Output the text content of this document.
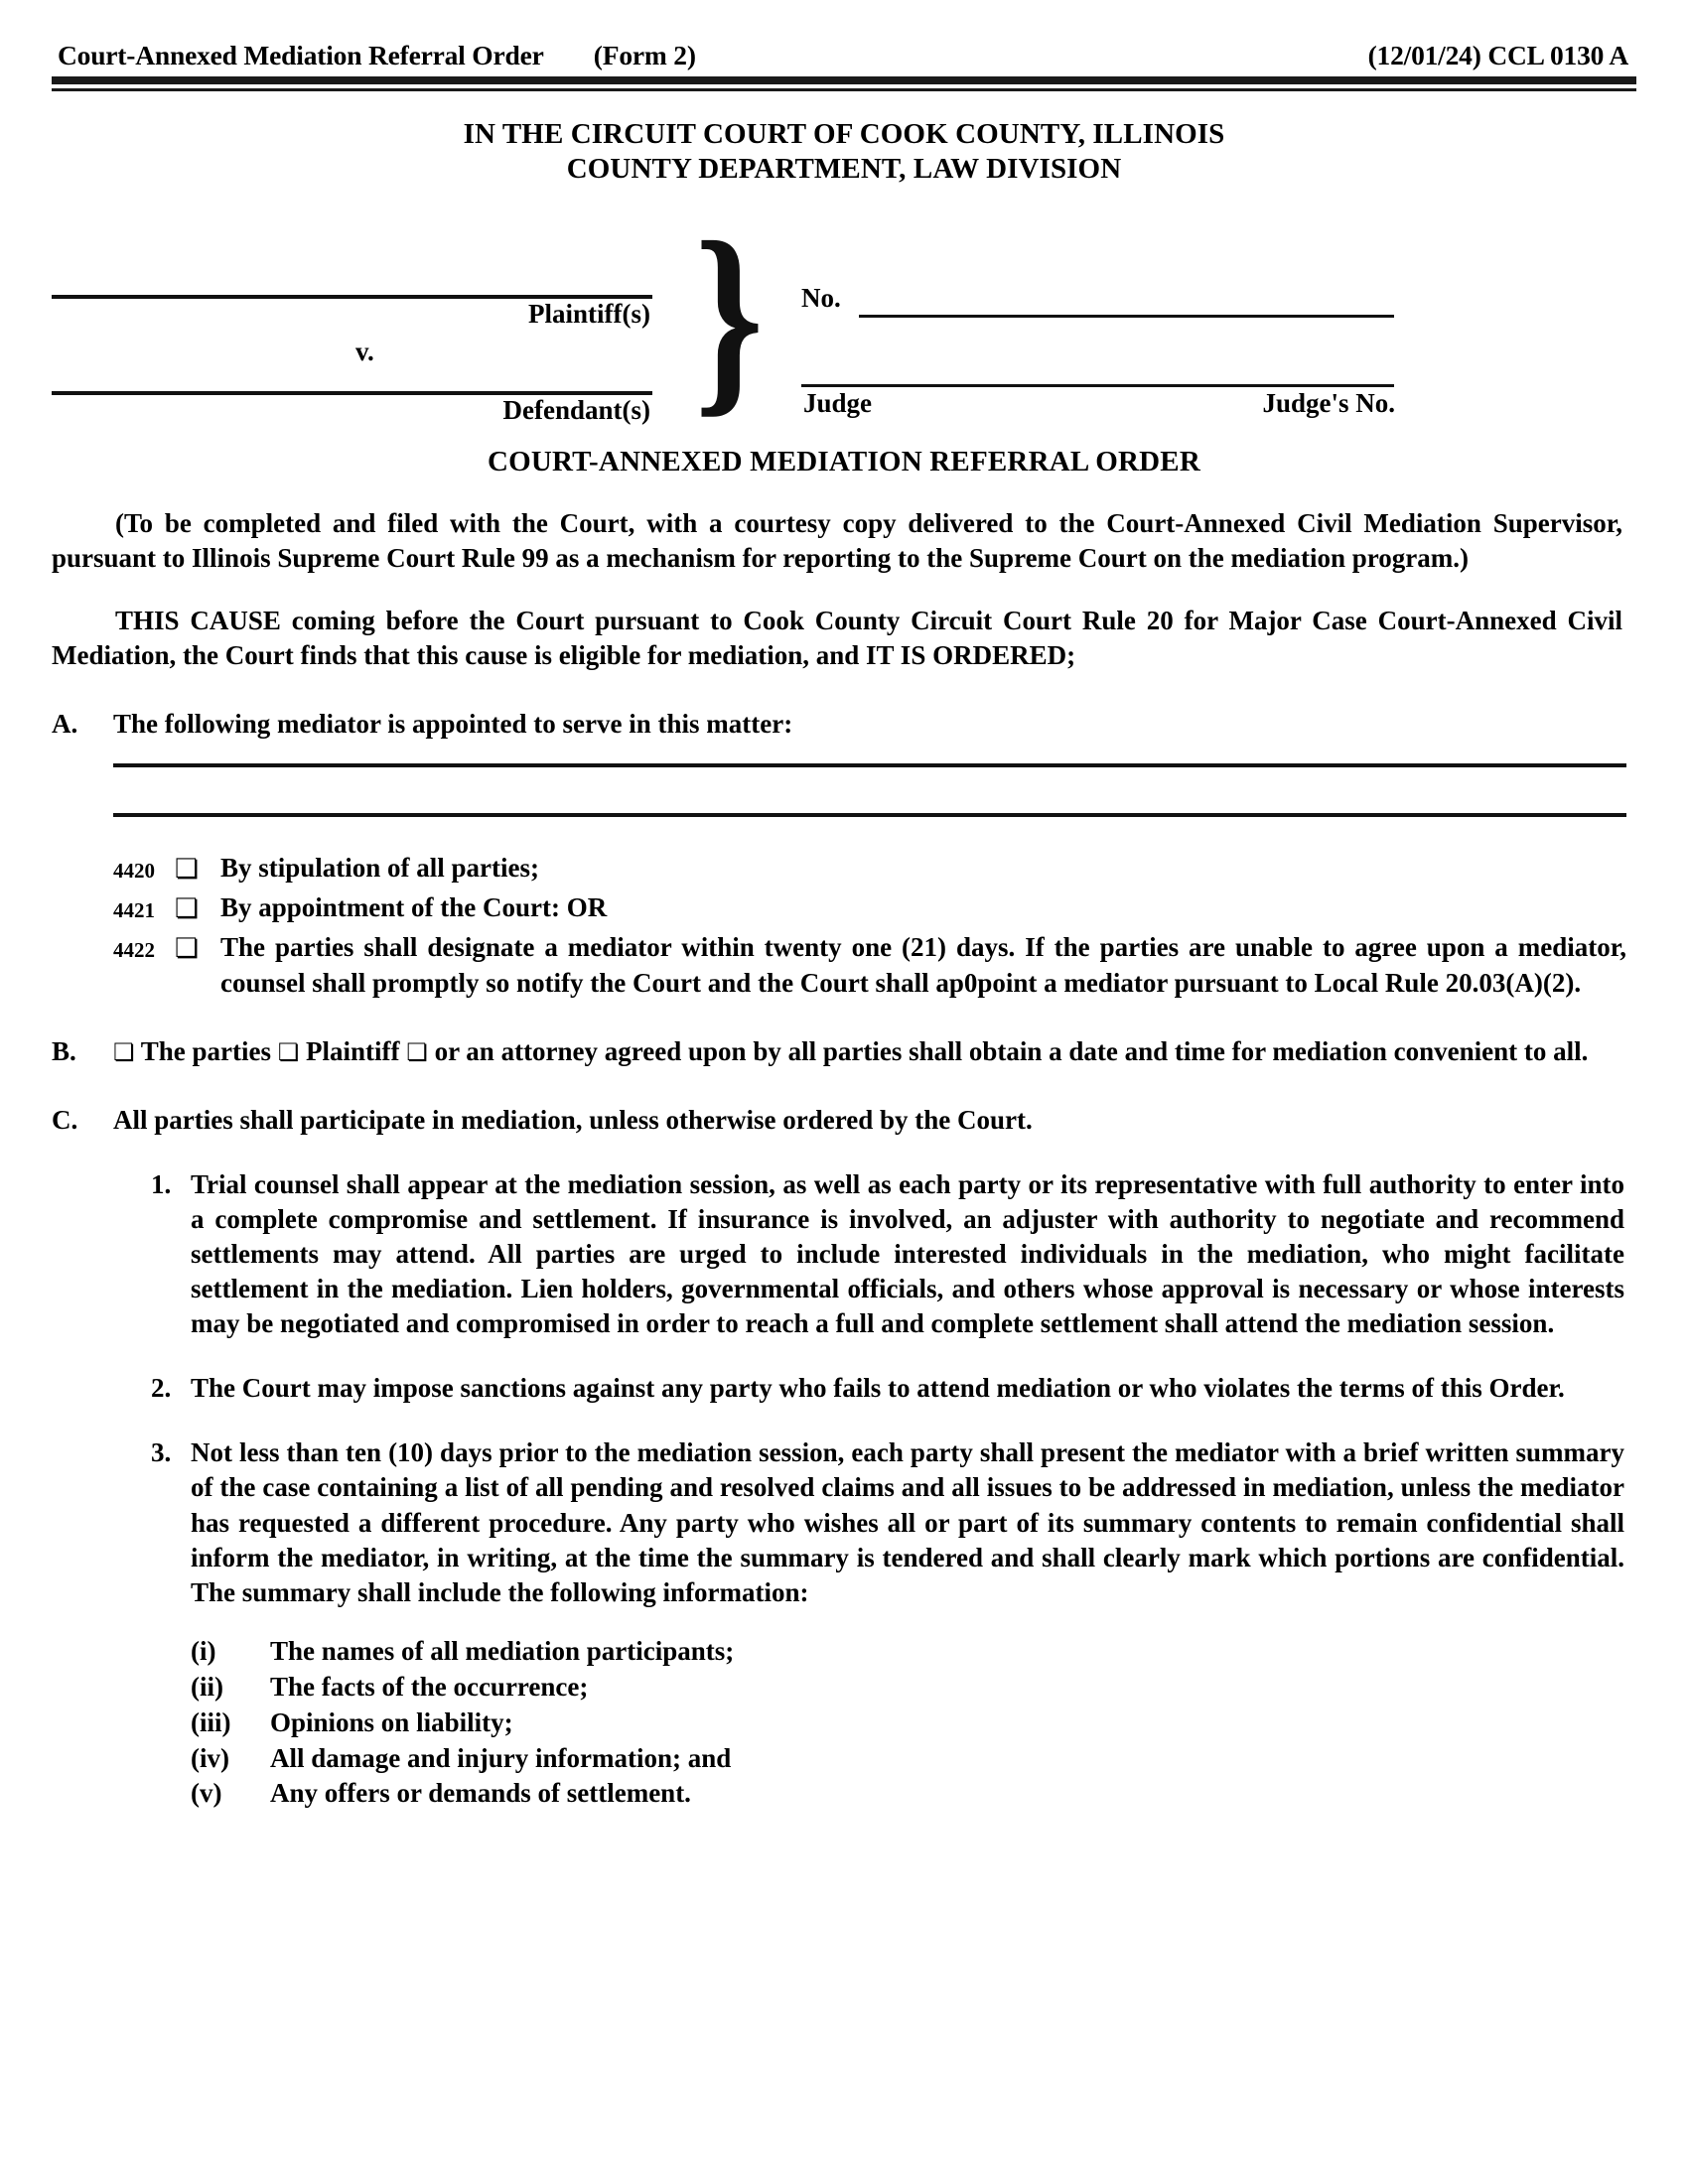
Court-Annexed Mediation Referral Order (Form 2)	(12/01/24) CCL 0130 A
IN THE CIRCUIT COURT OF COOK COUNTY, ILLINOIS
COUNTY DEPARTMENT, LAW DIVISION
Plaintiff(s)
v.
Defendant(s) } No.
Judge	Judge's No.
COURT-ANNEXED MEDIATION REFERRAL ORDER
(To be completed and filed with the Court, with a courtesy copy delivered to the Court-Annexed Civil Mediation Supervisor, pursuant to Illinois Supreme Court Rule 99 as a mechanism for reporting to the Supreme Court on the mediation program.)
THIS CAUSE coming before the Court pursuant to Cook County Circuit Court Rule 20 for Major Case Court-Annexed Civil Mediation, the Court finds that this cause is eligible for mediation, and IT IS ORDERED;
A.	The following mediator is appointed to serve in this matter:
4420 ❏ By stipulation of all parties;
4421 ❏ By appointment of the Court: OR
4422 ❏ The parties shall designate a mediator within twenty one (21) days. If the parties are unable to agree upon a mediator, counsel shall promptly so notify the Court and the Court shall ap0point a mediator pursuant to Local Rule 20.03(A)(2).
B.	❏ The parties ❏ Plaintiff ❏ or an attorney agreed upon by all parties shall obtain a date and time for mediation convenient to all.
C.	All parties shall participate in mediation, unless otherwise ordered by the Court.
1. Trial counsel shall appear at the mediation session, as well as each party or its representative with full authority to enter into a complete compromise and settlement. If insurance is involved, an adjuster with authority to negotiate and recommend settlements may attend. All parties are urged to include interested individuals in the mediation, who might facilitate settlement in the mediation. Lien holders, governmental officials, and others whose approval is necessary or whose interests may be negotiated and compromised in order to reach a full and complete settlement shall attend the mediation session.
2. The Court may impose sanctions against any party who fails to attend mediation or who violates the terms of this Order.
3. Not less than ten (10) days prior to the mediation session, each party shall present the mediator with a brief written summary of the case containing a list of all pending and resolved claims and all issues to be addressed in mediation, unless the mediator has requested a different procedure. Any party who wishes all or part of its summary contents to remain confidential shall inform the mediator, in writing, at the time the summary is tendered and shall clearly mark which portions are confidential. The summary shall include the following information:
(i)	The names of all mediation participants;
(ii)	The facts of the occurrence;
(iii)	Opinions on liability;
(iv)	All damage and injury information; and
(v)	Any offers or demands of settlement.
